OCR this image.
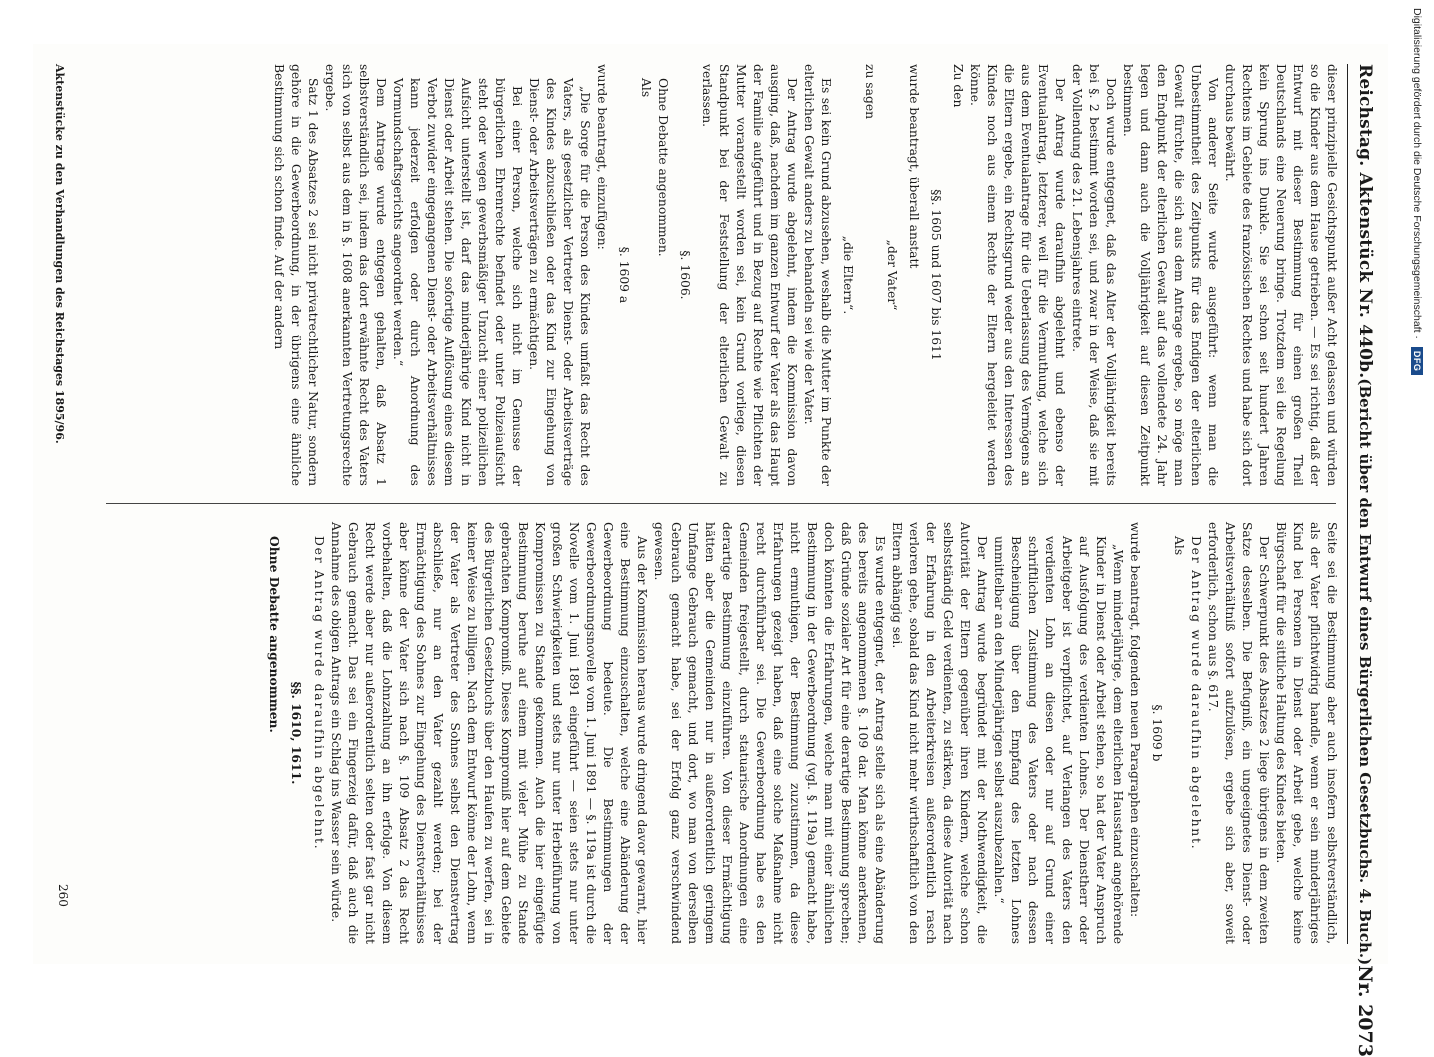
Reichstag. Aktenstück Nr. 440b.
(Bericht über den Entwurf eines Bürgerlichen Gesetzbuchs. 4. Buch.)
Nr. 2073

dieser prinzipielle Gesichtspunkt außer Acht gelassen und würden so die Kinder aus dem Hause getrieben. — Es sei richtig, daß der Entwurf mit dieser Bestimmung für einen großen Theil Deutschlands eine Neuerung bringe. Trotzdem sei die Regelung kein Sprung ins Dunkle. Sie sei schon seit hundert Jahren Rechtens im Gebiete des französischen Rechtes und habe sich dort durchaus bewährt.

Von anderer Seite wurde ausgeführt: wenn man die Unbestimmtheit des Zeitpunkts für das Endigen der elterlichen Gewalt fürchte, die sich aus dem Antrage ergebe, so möge man den Endpunkt der elterlichen Gewalt auf das vollendete 24. Jahr legen und dann auch die Volljährigkeit auf diesen Zeitpunkt bestimmen.

Doch wurde entgegnet, daß das Alter der Volljährigkeit bereits bei §. 2 bestimmt worden sei, und zwar in der Weise, daß sie mit der Vollendung des 21. Lebensjahres eintrete.

Der Antrag wurde daraufhin abgelehnt und ebenso der Eventualantrag, letzterer, weil für die Vermuthung, welche sich aus dem Eventualantrage für die Ueberlassung des Vermögens an die Eltern ergebe, ein Rechtsgrund weder aus den Interessen des Kindes noch aus einem Rechte der Eltern hergeleitet werden könne.

Zu den

§§. 1605 und 1607 bis 1611

wurde beantragt, überall anstatt

„der Vater“

zu sagen

„die Eltern“.

Es sei kein Grund abzusehen, weshalb die Mutter im Punkte der elterlichen Gewalt anders zu behandeln sei wie der Vater.

Der Antrag wurde abgelehnt, indem die Kommission davon ausging, daß, nachdem im ganzen Entwurf der Vater als das Haupt der Familie aufgeführt und in Bezug auf Rechte wie Pflichten der Mutter vorangestellt worden sei, kein Grund vorliege, diesen Standpunkt bei der Feststellung der elterlichen Gewalt zu verlassen.

§. 1606.

Ohne Debatte angenommen.

Als

§. 1609 a

wurde beantragt, einzufügen:

„Die Sorge für die Person des Kindes umfaßt das Recht des Vaters, als gesetzlicher Vertreter Dienst- oder Arbeitsverträge des Kindes abzuschließen oder das Kind zur Eingehung von Dienst- oder Arbeitsverträgen zu ermächtigen.

Bei einer Person, welche sich nicht im Genusse der bürgerlichen Ehrenrechte befindet oder unter Polizeiaufsicht steht oder wegen gewerbsmäßiger Unzucht einer polizeilichen Aufsicht unterstellt ist, darf das minderjährige Kind nicht in Dienst oder Arbeit stehen. Die sofortige Auflösung eines diesem Verbot zuwider eingegangenen Dienst- oder Arbeitsverhältnisses kann jederzeit erfolgen oder durch Anordnung des Vormundschaftsgerichts angeordnet werden.“

Dem Antrage wurde entgegen gehalten, daß Absatz 1 selbstverständlich sei, indem das dort erwähnte Recht des Vaters sich von selbst aus dem in §. 1608 anerkannten Vertretungsrechte ergebe.

Satz 1 des Absatzes 2 sei nicht privatrechtlicher Natur, sondern gehöre in die Gewerbeordnung, in der übrigens eine ähnliche Bestimmung sich schon finde. Auf der andern

Seite sei die Bestimmung aber auch insofern selbstverständlich, als der Vater pflichtwidrig handle, wenn er sein minderjähriges Kind bei Personen in Dienst oder Arbeit gebe, welche keine Bürgschaft für die sittliche Haltung des Kindes bieten.

Der Schwerpunkt des Absatzes 2 liege übrigens in dem zweiten Satze desselben. Die Befugniß, ein ungeeignetes Dienst- oder Arbeitsverhältniß sofort aufzulösen, ergebe sich aber, soweit erforderlich, schon aus §. 617.

Der Antrag wurde daraufhin abgelehnt.

Als

§. 1609 b

wurde beantragt, folgenden neuen Paragraphen einzuschalten:

„Wenn minderjährige, dem elterlichen Hausstand angehörende Kinder in Dienst oder Arbeit stehen, so hat der Vater Anspruch auf Ausfolgung des verdienten Lohnes. Der Dienstherr oder Arbeitgeber ist verpflichtet, auf Verlangen des Vaters den verdienten Lohn an diesen oder nur auf Grund einer schriftlichen Zustimmung des Vaters oder nach dessen Bescheinigung über den Empfang des letzten Lohnes unmittelbar an den Minderjährigen selbst auszubezahlen.“

Der Antrag wurde begründet mit der Nothwendigkeit, die Autorität der Eltern gegenüber ihren Kindern, welche schon selbstständig Geld verdienten, zu stärken, da diese Autorität nach der Erfahrung in den Arbeiterkreisen außerordentlich rasch verloren gehe, sobald das Kind nicht mehr wirthschaftlich von den Eltern abhängig sei.

Es wurde entgegnet, der Antrag stelle sich als eine Abänderung des bereits angenommenen §. 109 dar. Man könne anerkennen, daß Gründe sozialer Art für eine derartige Bestimmung sprechen; doch könnten die Erfahrungen, welche man mit einer ähnlichen Bestimmung in der Gewerbeordnung (vgl. §. 119a) gemacht habe, nicht ermuthigen, der Bestimmung zuzustimmen, da diese Erfahrungen gezeigt haben, daß eine solche Maßnahme nicht recht durchführbar sei. Die Gewerbeordnung habe es den Gemeinden freigestellt, durch statuarische Anordnungen eine derartige Bestimmung einzuführen. Von dieser Ermächtigung hätten aber die Gemeinden nur in außerordentlich geringem Umfange Gebrauch gemacht, und dort, wo man von derselben Gebrauch gemacht habe, sei der Erfolg ganz verschwindend gewesen.

Aus der Kommission heraus wurde dringend davor gewarnt, hier eine Bestimmung einzuschalten, welche eine Abänderung der Gewerbeordnung bedeute. Die Bestimmungen der Gewerbeordnungsnovelle vom 1. Juni 1891 — §. 119a ist durch die Novelle vom 1. Juni 1891 eingeführt — seien stets nur unter großen Schwierigkeiten und stets nur unter Herbeiführung von Kompromissen zu Stande gekommen. Auch die hier eingefügte Bestimmung beruhe auf einem mit vieler Mühe zu Stande gebrachten Kompromiß. Dieses Kompromiß hier auf dem Gebiete des Bürgerlichen Gesetzbuchs über den Haufen zu werfen, sei in keiner Weise zu billigen. Nach dem Entwurf könne der Lohn, wenn der Vater als Vertreter des Sohnes selbst den Dienstvertrag abschließe, nur an den Vater gezahlt werden; bei der Ermächtigung des Sohnes zur Eingehung des Dienstverhältnisses aber könne der Vater sich nach §. 109 Absatz 2 das Recht vorbehalten, daß die Lohnzahlung an ihn erfolge. Von diesem Recht werde aber nur außerordentlich selten oder fast gar nicht Gebrauch gemacht. Das sei ein Fingerzeig dafür, daß auch die Annahme des obigen Antrags ein Schlag ins Wasser sein würde.

Der Antrag wurde daraufhin abgelehnt.

§§. 1610, 1611.

Ohne Debatte angenommen.

Aktenstücke zu den Verhandlungen des Reichstages 1895/96.
260
Digitalisierung gefördert durch die Deutsche Forschungsgemeinschaft ·
DFG
